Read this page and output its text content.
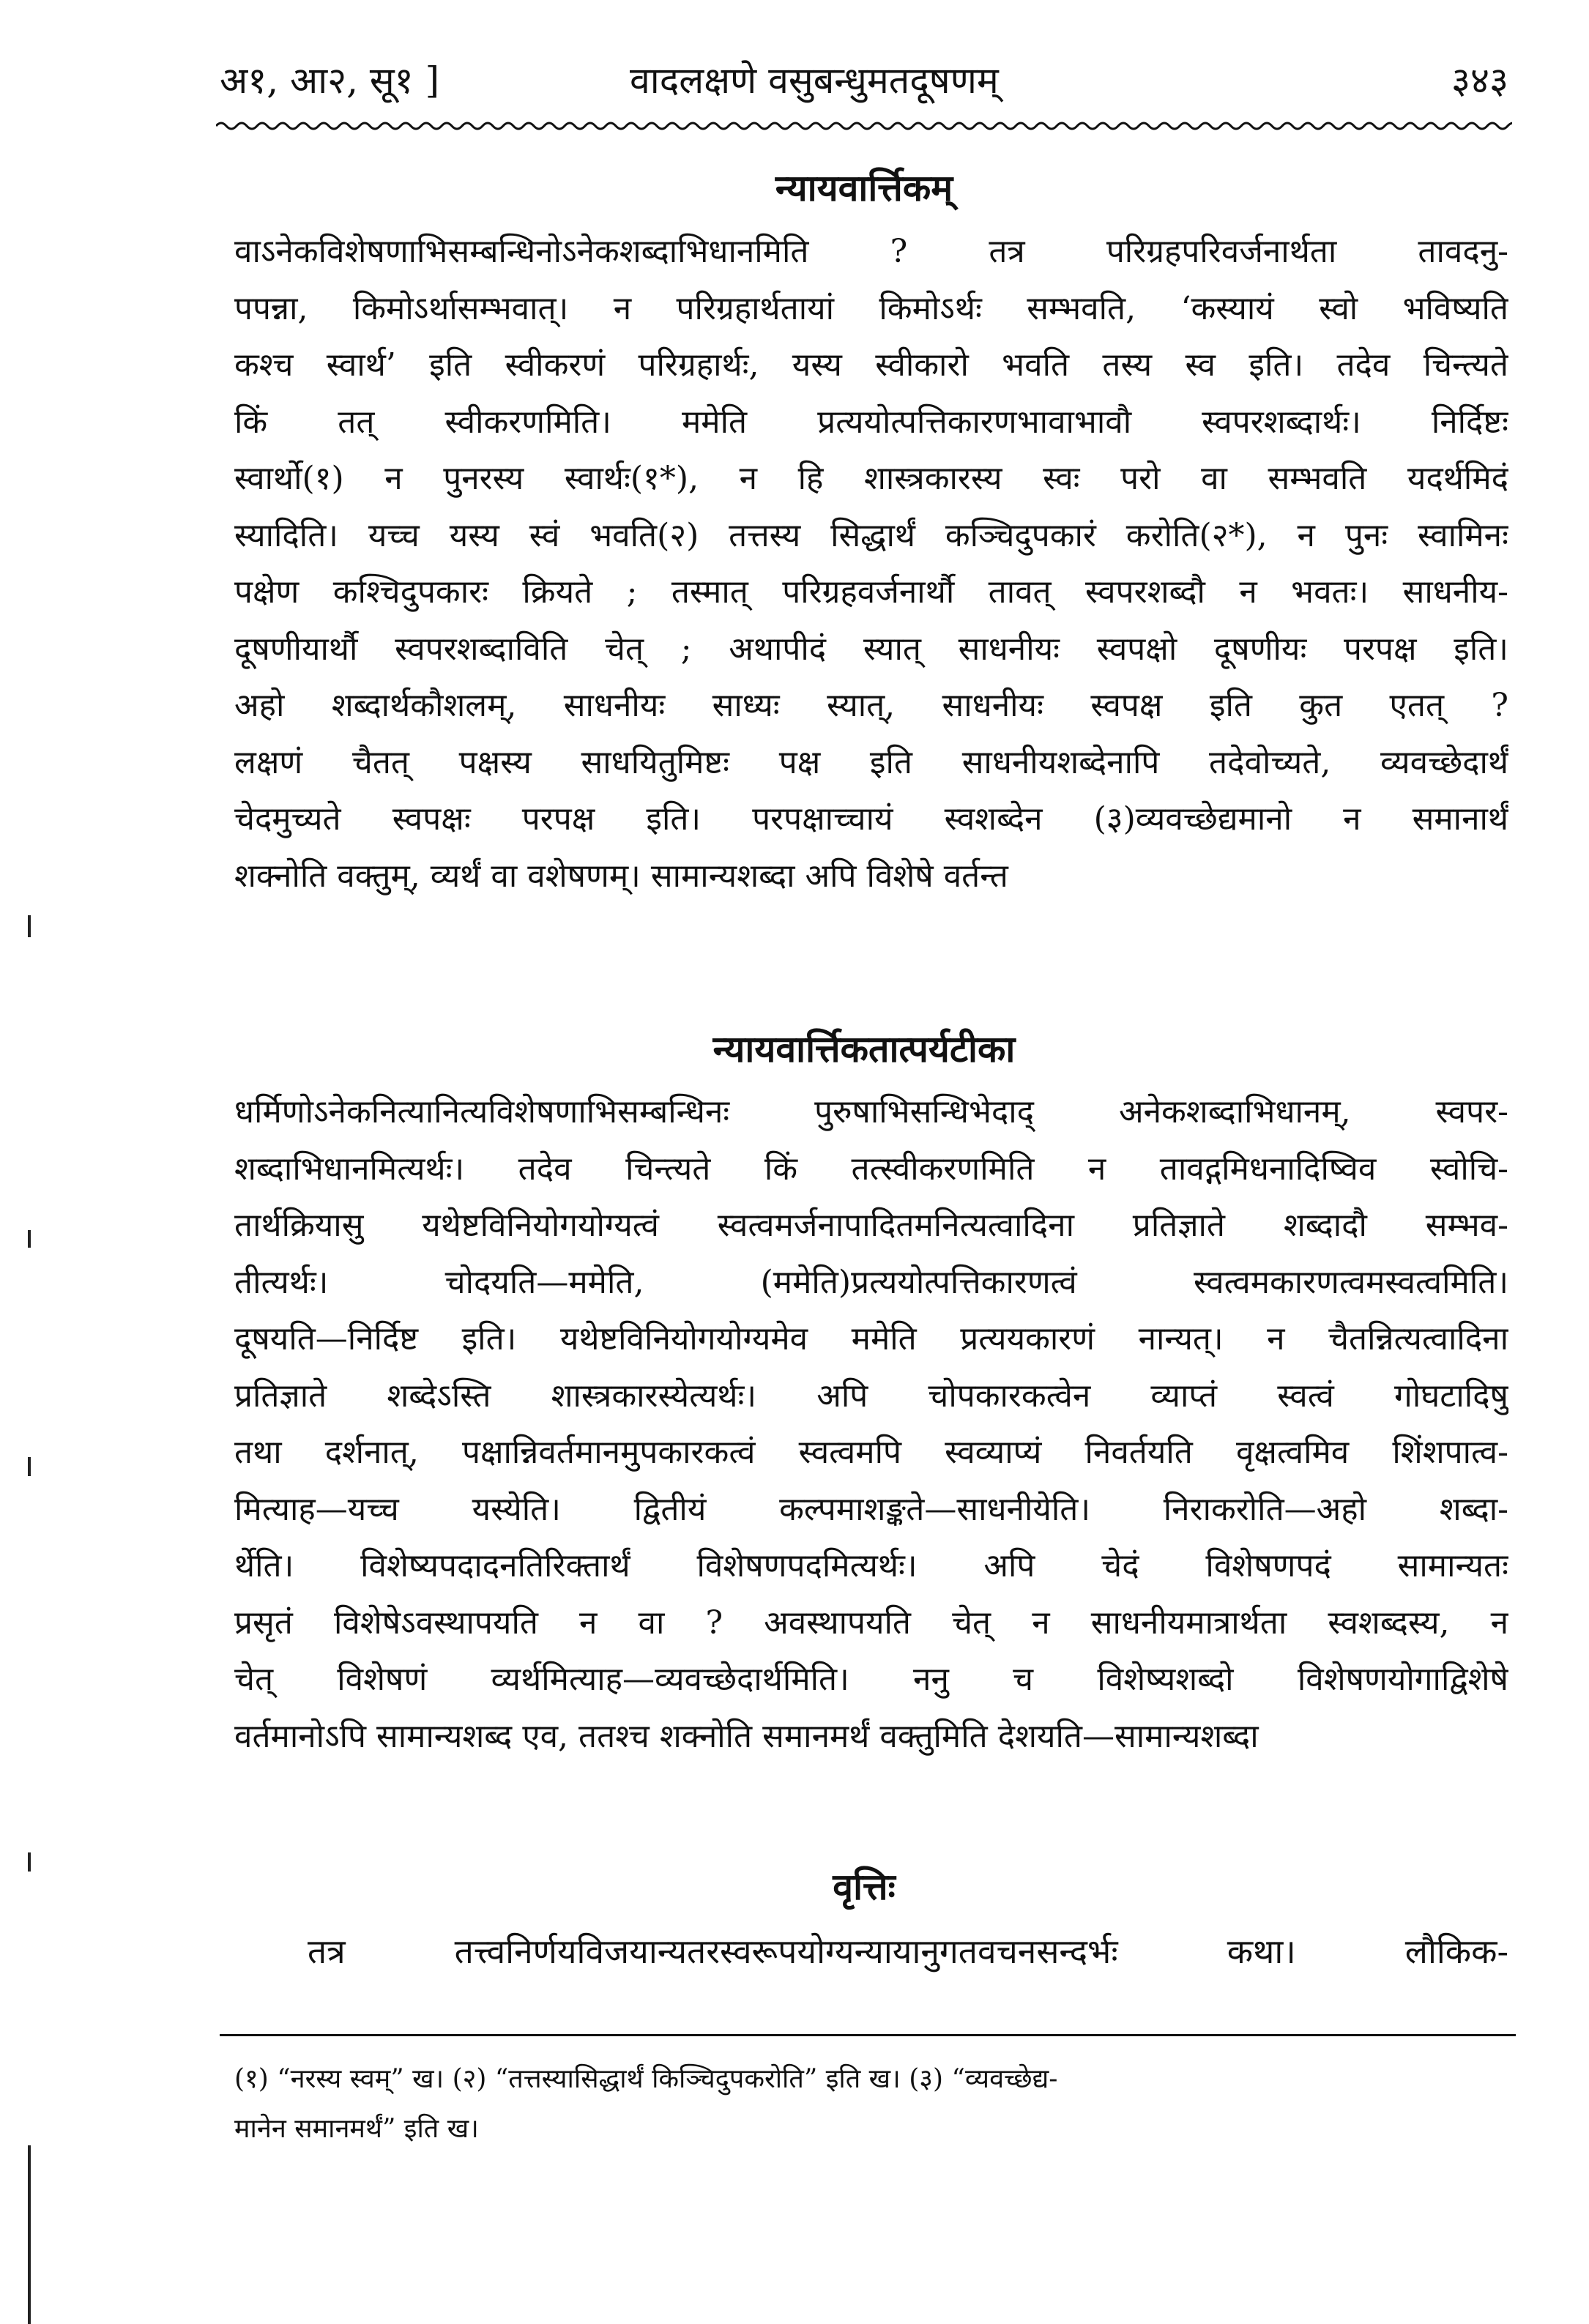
अ१, आ२, सू१ ]	वादलक्षणे वसुबन्धुमतदूषणम्	३४३
न्यायवार्त्तिकम्
वाऽनेकविशेषणाभिसम्बन्धिनोऽनेकशब्दाभिधानमिति ? तत्र परिग्रहपरिवर्जनार्थता तावदनु-
पपन्ना, किमोऽर्थासम्भवात्। न परिग्रहार्थतायां किमोऽर्थः सम्भवति, ‘कस्यायं स्वो भविष्यति
कश्च स्वार्थ’ इति स्वीकरणं परिग्रहार्थः, यस्य स्वीकारो भवति तस्य स्व इति। तदेव चिन्त्यते
किं तत् स्वीकरणमिति। ममेति प्रत्ययोत्पत्तिकारणभावाभावौ स्वपरशब्दार्थः। निर्दिष्टः
स्वार्थो(१) न पुनरस्य स्वार्थः(१*), न हि शास्त्रकारस्य स्वः परो वा सम्भवति यदर्थमिदं
स्यादिति। यच्च यस्य स्वं भवति(२) तत्तस्य सिद्धार्थं कञ्चिदुपकारं करोति(२*), न पुनः स्वामिनः
पक्षेण कश्चिदुपकारः क्रियते ; तस्मात् परिग्रहवर्जनार्थौ तावत् स्वपरशब्दौ न भवतः। साधनीय-
दूषणीयार्थौ स्वपरशब्दाविति चेत् ; अथापीदं स्यात् साधनीयः स्वपक्षो दूषणीयः परपक्ष इति।
अहो शब्दार्थकौशलम्, साधनीयः साध्यः स्यात्, साधनीयः स्वपक्ष इति कुत एतत् ?
लक्षणं चैतत् पक्षस्य साधयितुमिष्टः पक्ष इति साधनीयशब्देनापि तदेवोच्यते, व्यवच्छेदार्थं
चेदमुच्यते स्वपक्षः परपक्ष इति। परपक्षाच्चायं स्वशब्देन (३)व्यवच्छेद्यमानो न समानार्थं
शक्नोति वक्तुम्, व्यर्थं वा वशेषणम्। सामान्यशब्दा अपि विशेषे वर्तन्त
न्यायवार्त्तिकतात्पर्यटीका
धर्मिणोऽनेकनित्यानित्यविशेषणाभिसम्बन्धिनः पुरुषाभिसन्धिभेदाद् अनेकशब्दाभिधानम्, स्वपर-
शब्दाभिधानमित्यर्थः। तदेव चिन्त्यते किं तत्स्वीकरणमिति न तावद्गमिधनादिष्विव स्वोचि-
तार्थक्रियासु यथेष्टविनियोगयोग्यत्वं स्वत्वमर्जनापादितमनित्यत्वादिना प्रतिज्ञाते शब्दादौ सम्भव-
तीत्यर्थः। चोदयति—ममेति, (ममेति)प्रत्ययोत्पत्तिकारणत्वं स्वत्वमकारणत्वमस्वत्वमिति।
दूषयति—निर्दिष्ट इति। यथेष्टविनियोगयोग्यमेव ममेति प्रत्ययकारणं नान्यत्। न चैतन्नित्यत्वादिना
प्रतिज्ञाते शब्देऽस्ति शास्त्रकारस्येत्यर्थः। अपि चोपकारकत्वेन व्याप्तं स्वत्वं गोघटादिषु
तथा दर्शनात्, पक्षान्निवर्तमानमुपकारकत्वं स्वत्वमपि स्वव्याप्यं निवर्तयति वृक्षत्वमिव शिंशपात्व-
मित्याह—यच्च यस्येति। द्वितीयं कल्पमाशङ्कते—साधनीयेति। निराकरोति—अहो शब्दा-
र्थेति। विशेष्यपदादनतिरिक्तार्थं विशेषणपदमित्यर्थः। अपि चेदं विशेषणपदं सामान्यतः
प्रसृतं विशेषेऽवस्थापयति न वा ? अवस्थापयति चेत् न साधनीयमात्रार्थता स्वशब्दस्य, न
चेत् विशेषणं व्यर्थमित्याह—व्यवच्छेदार्थमिति। ननु च विशेष्यशब्दो विशेषणयोगाद्विशेषे
वर्तमानोऽपि सामान्यशब्द एव, ततश्च शक्नोति समानमर्थं वक्तुमिति देशयति—सामान्यशब्दा
वृत्तिः
तत्र तत्त्वनिर्णयविजयान्यतरस्वरूपयोग्यन्यायानुगतवचनसन्दर्भः कथा। लौकिक-
(१) “नरस्य स्वम्” ख। (२) “तत्तस्यासिद्धार्थं किञ्चिदुपकरोति” इति ख। (३) “व्यवच्छेद्य-
मानेन समानमर्थं” इति ख।
